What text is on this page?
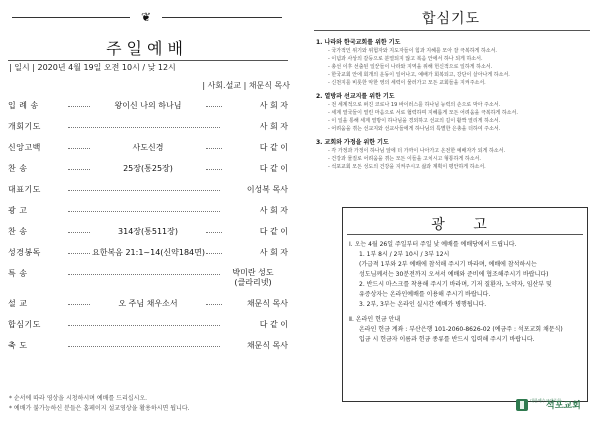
❦
주일예배
| 일시 | 2020년 4월 19일 오전 10시 / 낮 12시
| 사회.설교 | 채문식 목사
입 례 송	왕이신 나의 하나님	사 회 자
개회기도	사 회 자
신앙고백	사도신경	다 같 이
찬 송	25장(통25장)	다 같 이
대표기도	이성복 목사
광 고	사 회 자
찬 송	314장(통511장)	다 같 이
성경봉독	요한복음 21:1~14(신약184면)	사 회 자
특 송	박미란 성도
(클라리넷)
설 교	오 주님 채우소서	채문식 목사
합심기도	다 같 이
축 도	채문식 목사
* 순서에 따라 영상을 시청하시며 예배를 드리십시오.
* 예배가 불가능하신 분들은 홈페이지 설교영상을 활용하시면 됩니다.
합심기도
1. 나라와 한국교회를 위한 기도
- 국가적인 위기와 위험자와 지도자들이 힘과 지혜를 모아 잘 극복하게 하소서.
- 이념과 사상의 갈등으로 분열되지 않고 복음 안에서 하나 되게 하소서.
- 총선 이후 선출된 일꾼들이 나라와 지역을 위해 헌신적으로 일하게 하소서.
- 한국교회 안에 회개의 운동이 일어나고, 예배가 회복되고, 강단이 살아나게 하소서.
- 신천지를 비롯한 악한 영의 세력이 물러가고 모든 교회들을 지켜주소서.
2. 열방과 선교지를 위한 기도
- 전 세계적으로 퍼진 코로나 19 바이러스를 하나님 능력의 손으로 막아 주소서.
- 세계 열국들이 열린 마음으로 서로 협력하며 지혜롭게 모든 어려움을 극복하게 하소서.
- 이 일을 통해 세계 열방이 하나님을 경외하고 선교의 길이 활짝 열리게 하소서.
- 어려움을 겪는 선교지와 선교사들에게 하나님의 특별한 은총을 더하여 주소서.
3. 교회와 가정을 위한 기도
- 각 가정과 가정이 하나님 앞에 더 가까이 나아가고 온전한 예배자가 되게 하소서.
- 건강과 물질로 어려움을 겪는 모든 이들을 고치시고 형통하게 하소서.
- 석포교회 모든 성도의 건강을 지켜주시고 삶과 계획이 평안하게 하소서.
광 고
Ⅰ. 오는 4월 26일 주일부터 주일 낮 예배를 예배당에서 드립니다.
1. 1부 8시 / 2부 10시 / 3부 12시
(가급적 1부와 2부 예배에 참석해 주시기 바라며, 예배에 참석하시는
성도님께서는 30분전까지 오셔서 예배와 준비에 협조해주시기 바랍니다)
2. 반드시 마스크를 착용해 주시기 바라며, 기저 질환자, 노약자, 임산부 및
유증상자는 온라인예배를 이용해 주시기 바랍니다.
3. 2부, 3부는 온라인 실시간 예배가 병행됩니다.
Ⅱ. 온라인 헌금 안내
온라인 헌금 계좌 : 부산은행 101-2060-8626-02 (예금주 : 석포교회 채문식)
입금 시 헌금자 이름과 헌금 종류를 반드시 입력해 주시기 바랍니다.
대한예수교장로회
석포교회
